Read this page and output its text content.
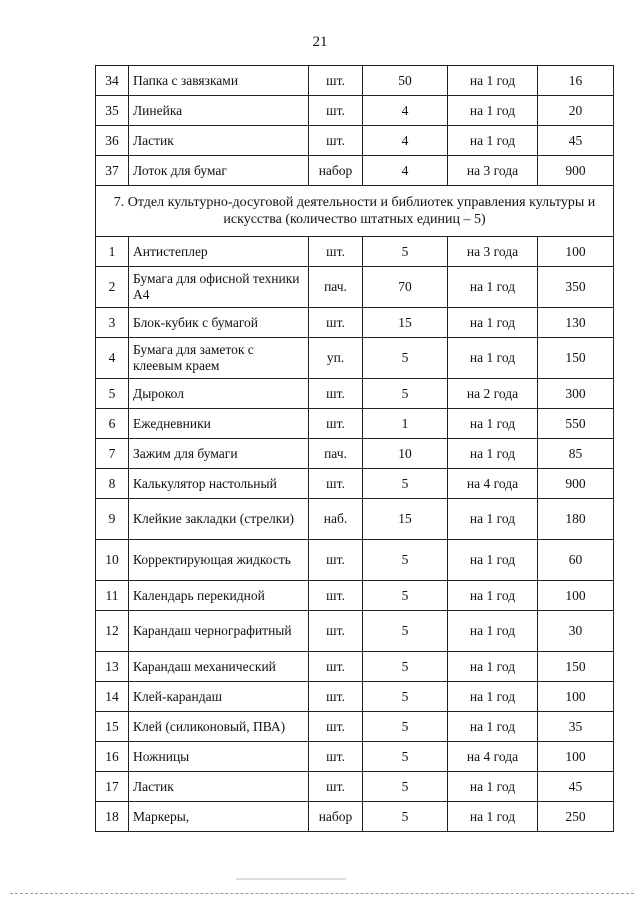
21
34	Папка с завязками	шт.	50	на 1 год	16
35	Линейка	шт.	4	на 1 год	20
36	Ластик	шт.	4	на 1 год	45
37	Лоток для бумаг	набор	4	на 3 года	900
7. Отдел культурно-досуговой деятельности и библиотек управления культуры и искусства (количество штатных единиц – 5)					
1	Антистеплер	шт.	5	на 3 года	100
2	Бумага для офисной техники А4	пач.	70	на 1 год	350
3	Блок-кубик с бумагой	шт.	15	на 1 год	130
4	Бумага для заметок с клеевым краем	уп.	5	на 1 год	150
5	Дырокол	шт.	5	на 2 года	300
6	Ежедневники	шт.	1	на 1 год	550
7	Зажим для бумаги	пач.	10	на 1 год	85
8	Калькулятор настольный	шт.	5	на 4 года	900
9	Клейкие закладки (стрелки)	наб.	15	на 1 год	180
10	Корректирующая жидкость	шт.	5	на 1 год	60
11	Календарь перекидной	шт.	5	на 1 год	100
12	Карандаш чернографитный	шт.	5	на 1 год	30
13	Карандаш механический	шт.	5	на 1 год	150
14	Клей-карандаш	шт.	5	на 1 год	100
15	Клей (силиконовый, ПВА)	шт.	5	на 1 год	35
16	Ножницы	шт.	5	на 4 года	100
17	Ластик	шт.	5	на 1 год	45
18	Маркеры,	набор	5	на 1 год	250
